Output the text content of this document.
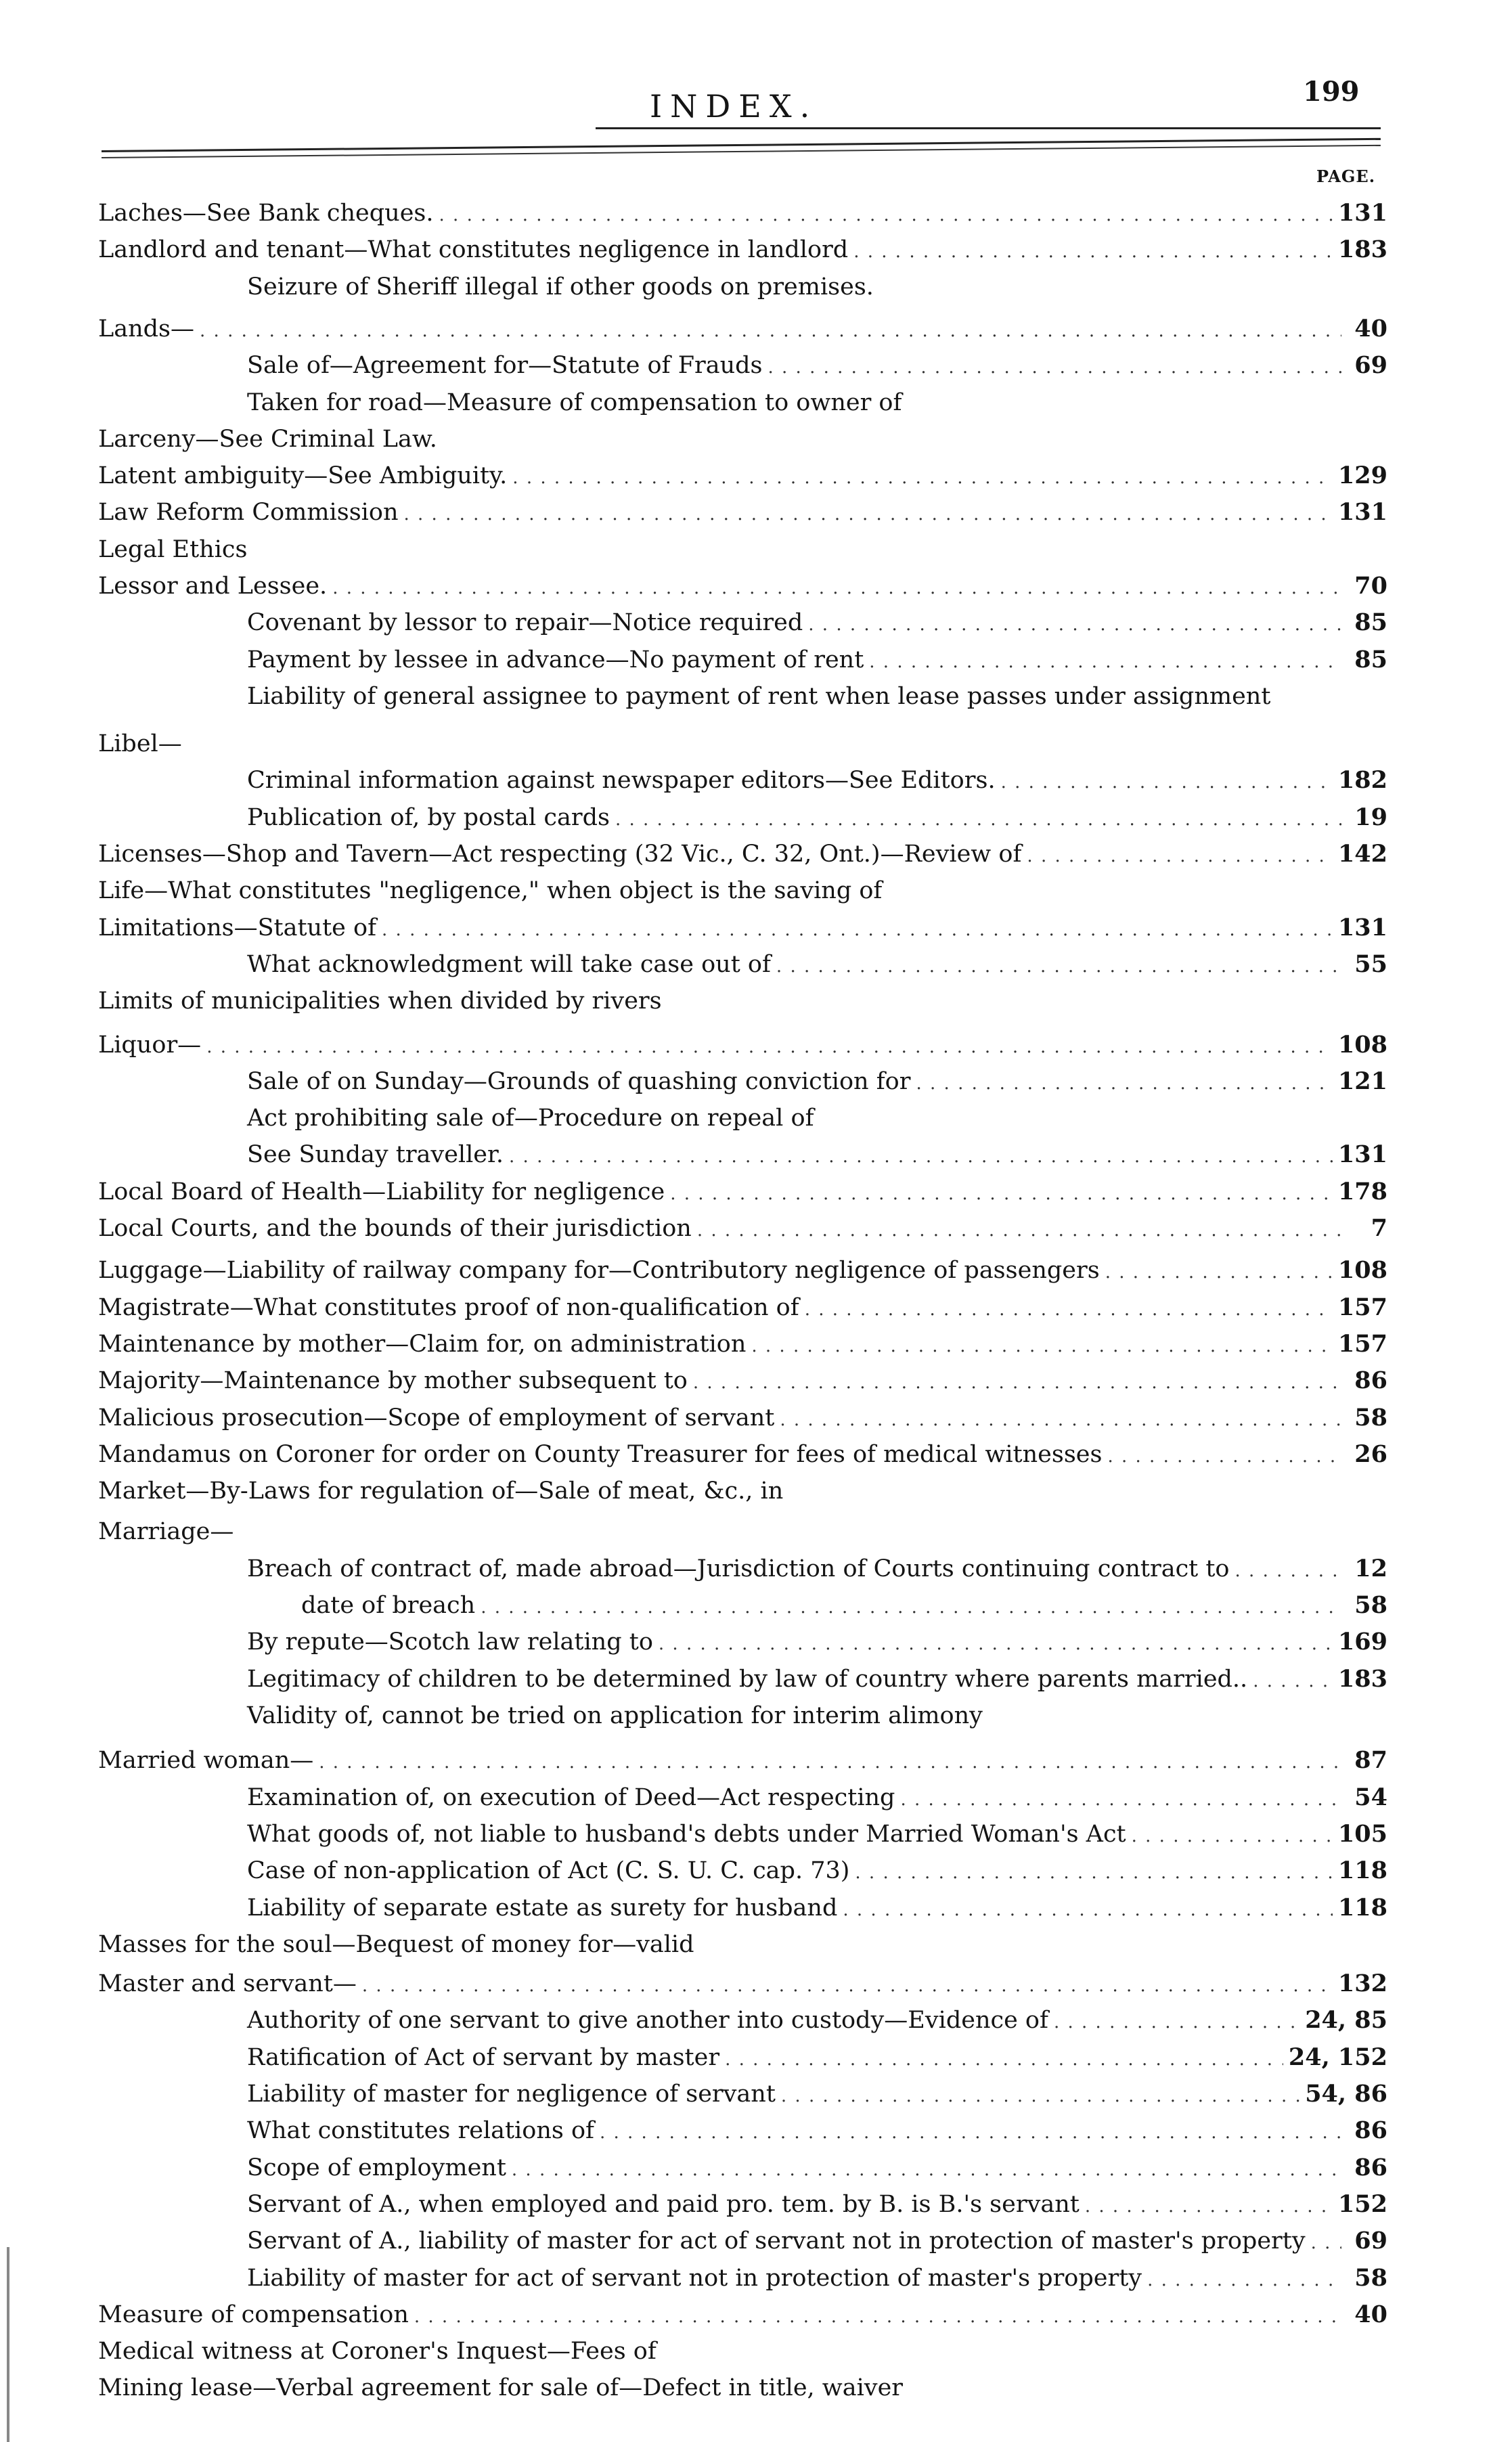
199
INDEX.
PAGE.
Laches—See Bank cheques. . . .	131
Landlord and tenant—What constitutes negligence in landlord . . .	183
Seizure of Sheriff illegal if other goods on premises.
Lands— . . .	40
Sale of—Agreement for—Statute of Frauds . . .	69
Taken for road—Measure of compensation to owner of
Larceny—See Criminal Law.
Latent ambiguity—See Ambiguity. . . .	129
Law Reform Commission . . .	131
Legal Ethics
Lessor and Lessee. . . .	70
Covenant by lessor to repair—Notice required . . .	85
Payment by lessee in advance—No payment of rent . . .	85
Liability of general assignee to payment of rent when lease passes under assignment
Libel—
Criminal information against newspaper editors—See Editors. . . .	182
Publication of, by postal cards . . .	19
Licenses—Shop and Tavern—Act respecting (32 Vic., C. 32, Ont.)—Review of . . .	142
Life—What constitutes "negligence," when object is the saving of
Limitations—Statute of . . .	131
What acknowledgment will take case out of . . .	55
Limits of municipalities when divided by rivers
Liquor— . . .	108
Sale of on Sunday—Grounds of quashing conviction for . . .	121
Act prohibiting sale of—Procedure on repeal of
See Sunday traveller. . . .	131
Local Board of Health—Liability for negligence . . .	178
Local Courts, and the bounds of their jurisdiction . . .	7
Luggage—Liability of railway company for—Contributory negligence of passengers . . .	108
Magistrate—What constitutes proof of non-qualification of . . .	157
Maintenance by mother—Claim for, on administration . . .	157
Majority—Maintenance by mother subsequent to . . .	86
Malicious prosecution—Scope of employment of servant . . .	58
Mandamus on Coroner for order on County Treasurer for fees of medical witnesses . . .	26
Market—By-Laws for regulation of—Sale of meat, &c., in
Marriage—
Breach of contract of, made abroad—Jurisdiction of Courts continuing contract to . . .	12
date of breach . . .	58
By repute—Scotch law relating to . . .	169
Legitimacy of children to be determined by law of country where parents married.. . . .	183
Validity of, cannot be tried on application for interim alimony
Married woman— . . .	87
Examination of, on execution of Deed—Act respecting . . .	54
What goods of, not liable to husband's debts under Married Woman's Act . . .	105
Case of non-application of Act (C. S. U. C. cap. 73) . . .	118
Liability of separate estate as surety for husband . . .	118
Masses for the soul—Bequest of money for—valid
Master and servant— . . .	132
Authority of one servant to give another into custody—Evidence of . . .	24, 85
Ratification of Act of servant by master . . .	24, 152
Liability of master for negligence of servant . . .	54, 86
What constitutes relations of . . .	86
Scope of employment . . .	86
Servant of A., when employed and paid pro. tem. by B. is B.'s servant . . .	152
Servant of A., liability of master for act of servant not in protection of master's property . . .	69
Liability of master for act of servant not in protection of master's property . . .	58
Measure of compensation . . .	40
Medical witness at Coroner's Inquest—Fees of
Mining lease—Verbal agreement for sale of—Defect in title, waiver
